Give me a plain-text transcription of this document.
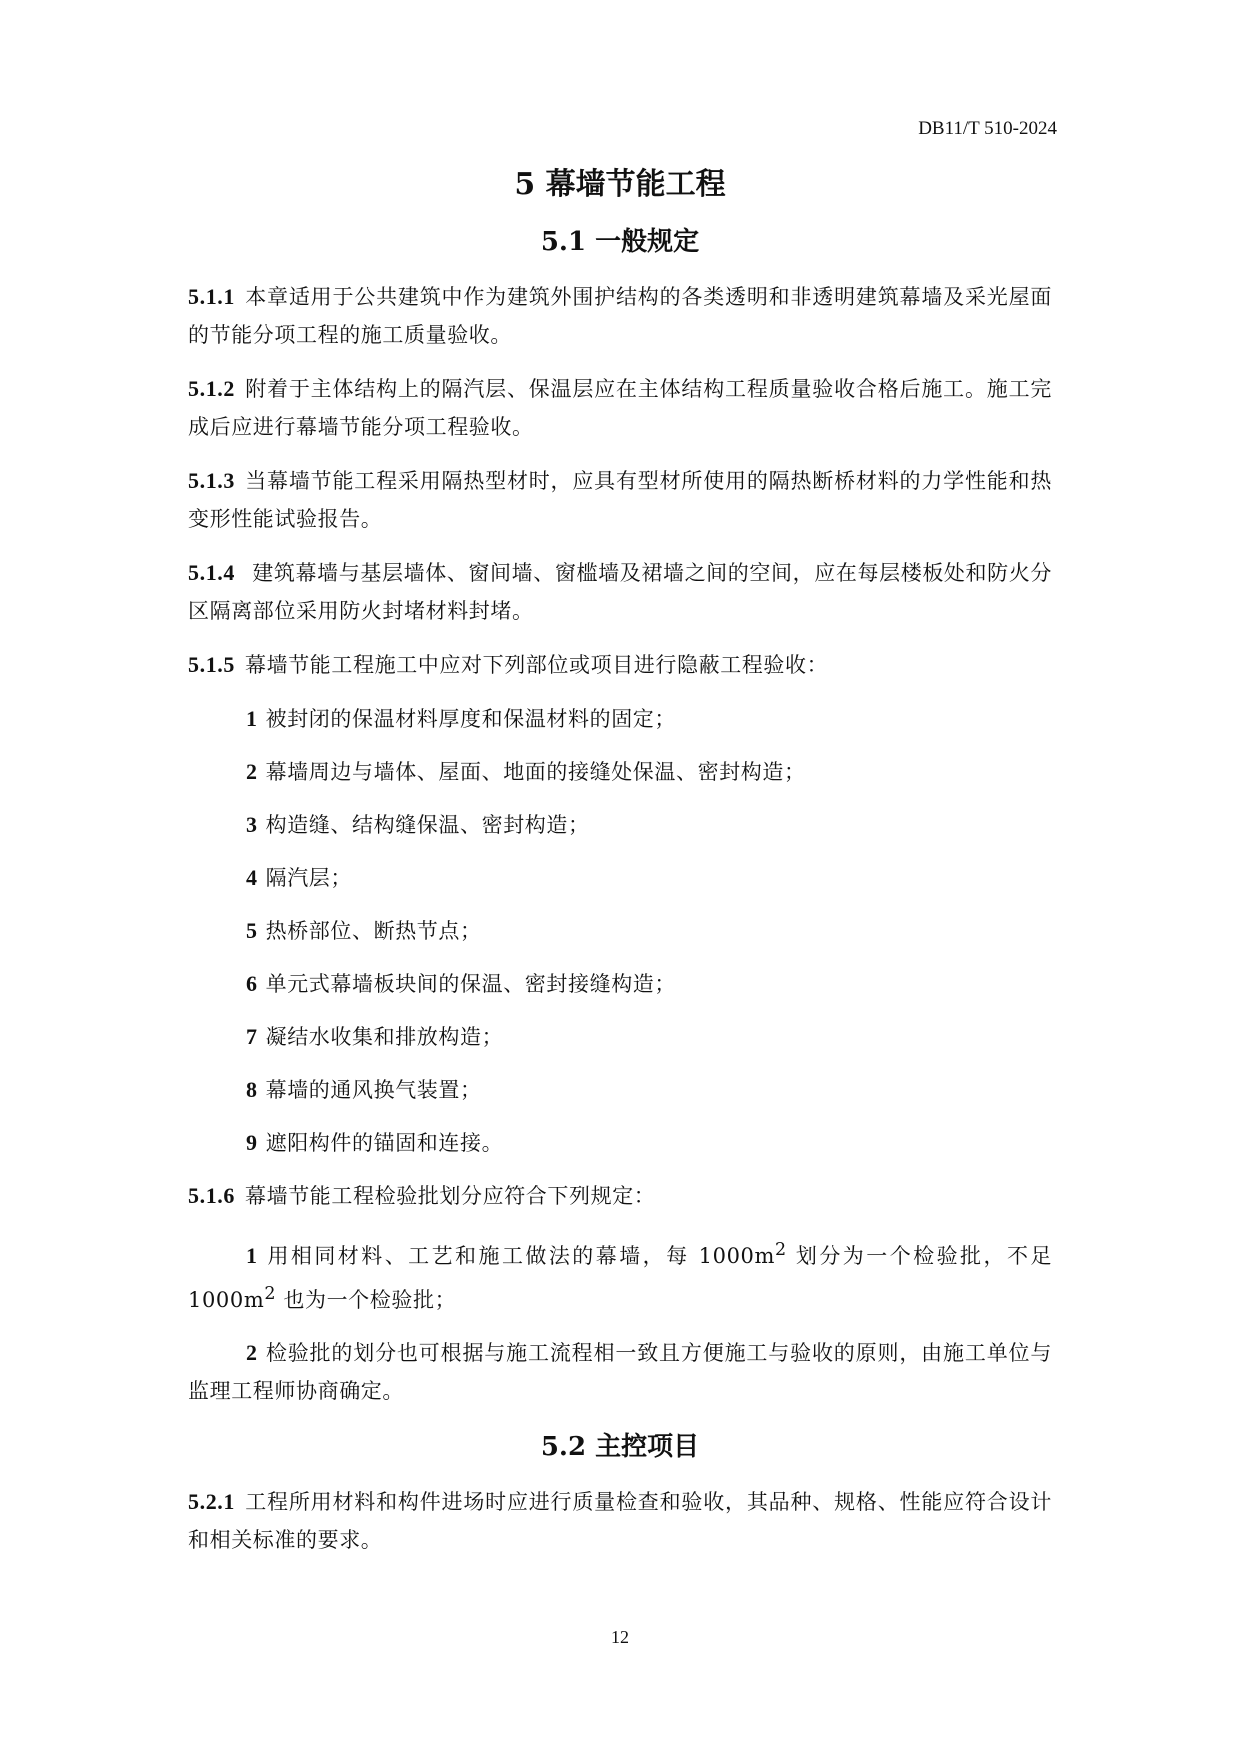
DB11/T 510-2024
5 幕墙节能工程
5.1 一般规定

5.1.1 本章适用于公共建筑中作为建筑外围护结构的各类透明和非透明建筑幕墙及采光屋面的节能分项工程的施工质量验收。

5.1.2 附着于主体结构上的隔汽层、保温层应在主体结构工程质量验收合格后施工。施工完成后应进行幕墙节能分项工程验收。

5.1.3 当幕墙节能工程采用隔热型材时，应具有型材所使用的隔热断桥材料的力学性能和热变形性能试验报告。

5.1.4 建筑幕墙与基层墙体、窗间墙、窗槛墙及裙墙之间的空间，应在每层楼板处和防火分区隔离部位采用防火封堵材料封堵。

5.1.5 幕墙节能工程施工中应对下列部位或项目进行隐蔽工程验收：

1 被封闭的保温材料厚度和保温材料的固定；

2 幕墙周边与墙体、屋面、地面的接缝处保温、密封构造；

3 构造缝、结构缝保温、密封构造；

4 隔汽层；

5 热桥部位、断热节点；

6 单元式幕墙板块间的保温、密封接缝构造；

7 凝结水收集和排放构造；

8 幕墙的通风换气装置；

9 遮阳构件的锚固和连接。

5.1.6 幕墙节能工程检验批划分应符合下列规定：

1 用相同材料、工艺和施工做法的幕墙，每 $1000m^2$ 划分为一个检验批，不足 $1000m^2$ 也为一个检验批；

2 检验批的划分也可根据与施工流程相一致且方便施工与验收的原则，由施工单位与监理工程师协商确定。

5.2 主控项目

5.2.1 工程所用材料和构件进场时应进行质量检查和验收，其品种、规格、性能应符合设计和相关标准的要求。

12
